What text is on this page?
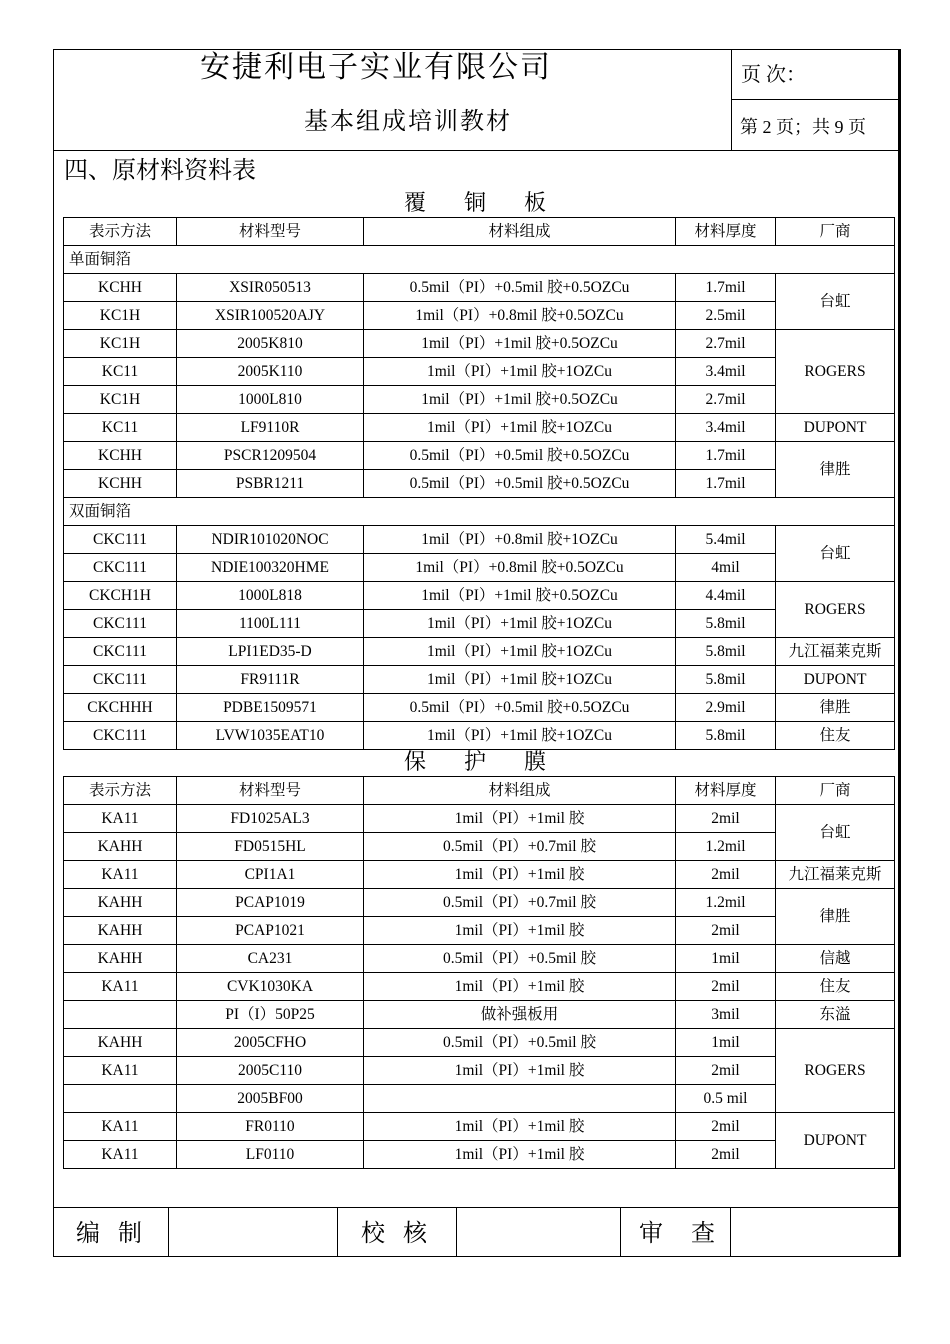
安捷利电子实业有限公司
基本组成培训教材
页 次：
第 2 页；共 9 页
四、原材料资料表
覆铜板
表示方法	材料型号	材料组成	材料厚度	厂商
单面铜箔				
KCHH	XSIR050513	0.5mil（PI）+0.5mil 胶+0.5OZCu	1.7mil	台虹
KC1H	XSIR100520AJY	1mil（PI）+0.8mil 胶+0.5OZCu	2.5mil	
KC1H	2005K810	1mil（PI）+1mil 胶+0.5OZCu	2.7mil	ROGERS
KC11	2005K110	1mil（PI）+1mil 胶+1OZCu	3.4mil	
KC1H	1000L810	1mil（PI）+1mil 胶+0.5OZCu	2.7mil	
KC11	LF9110R	1mil（PI）+1mil 胶+1OZCu	3.4mil	DUPONT
KCHH	PSCR1209504	0.5mil（PI）+0.5mil 胶+0.5OZCu	1.7mil	律胜
KCHH	PSBR1211	0.5mil（PI）+0.5mil 胶+0.5OZCu	1.7mil	
双面铜箔				
CKC111	NDIR101020NOC	1mil（PI）+0.8mil 胶+1OZCu	5.4mil	台虹
CKC111	NDIE100320HME	1mil（PI）+0.8mil 胶+0.5OZCu	4mil	
CKCH1H	1000L818	1mil（PI）+1mil 胶+0.5OZCu	4.4mil	ROGERS
CKC111	1100L111	1mil（PI）+1mil 胶+1OZCu	5.8mil	
CKC111	LPI1ED35-D	1mil（PI）+1mil 胶+1OZCu	5.8mil	九江福莱克斯
CKC111	FR9111R	1mil（PI）+1mil 胶+1OZCu	5.8mil	DUPONT
CKCHHH	PDBE1509571	0.5mil（PI）+0.5mil 胶+0.5OZCu	2.9mil	律胜
CKC111	LVW1035EAT10	1mil（PI）+1mil 胶+1OZCu	5.8mil	住友
保护膜
表示方法	材料型号	材料组成	材料厚度	厂商
KA11	FD1025AL3	1mil（PI）+1mil 胶	2mil	台虹
KAHH	FD0515HL	0.5mil（PI）+0.7mil 胶	1.2mil	
KA11	CPI1A1	1mil（PI）+1mil 胶	2mil	九江福莱克斯
KAHH	PCAP1019	0.5mil（PI）+0.7mil 胶	1.2mil	律胜
KAHH	PCAP1021	1mil（PI）+1mil 胶	2mil	
KAHH	CA231	0.5mil（PI）+0.5mil 胶	1mil	信越
KA11	CVK1030KA	1mil（PI）+1mil 胶	2mil	住友
	PI（I）50P25	做补强板用	3mil	东溢
KAHH	2005CFHO	0.5mil（PI）+0.5mil 胶	1mil	ROGERS
KA11	2005C110	1mil（PI）+1mil 胶	2mil	
	2005BF00		0.5 mil	
KA11	FR0110	1mil（PI）+1mil 胶	2mil	DUPONT
KA11	LF0110	1mil（PI）+1mil 胶	2mil	
编制	校核	审查
